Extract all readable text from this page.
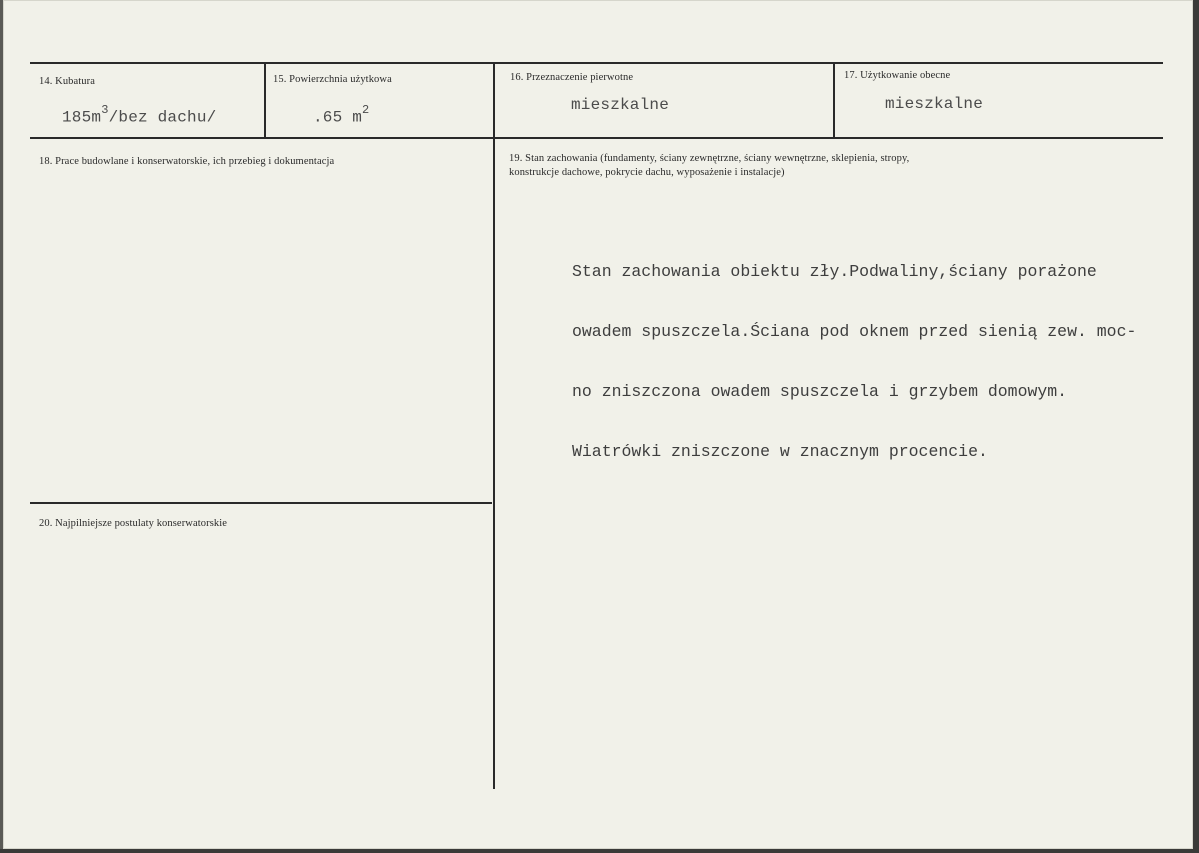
14. Kubatura
$185m^3$/bez dachu/
15. Powierzchnia użytkowa
.65 $m^2$
16. Przeznaczenie pierwotne
mieszkalne
17. Użytkowanie obecne
mieszkalne
18. Prace budowlane i konserwatorskie, ich przebieg i dokumentacja	19. Stan zachowania (fundamenty, ściany zewnętrzne, ściany wewnętrzne, sklepienia, stropy,
konstrukcje dachowe, pokrycie dachu, wyposażenie i instalacje)

Stan zachowania obiektu zły.Podwaliny,ściany porażone

owadem spuszczela.Ściana pod oknem przed sienią zew. moc-

no zniszczona owadem spuszczela i grzybem domowym.

Wiatrówki zniszczone w znacznym procencie.

20. Najpilniejsze postulaty konserwatorskie
